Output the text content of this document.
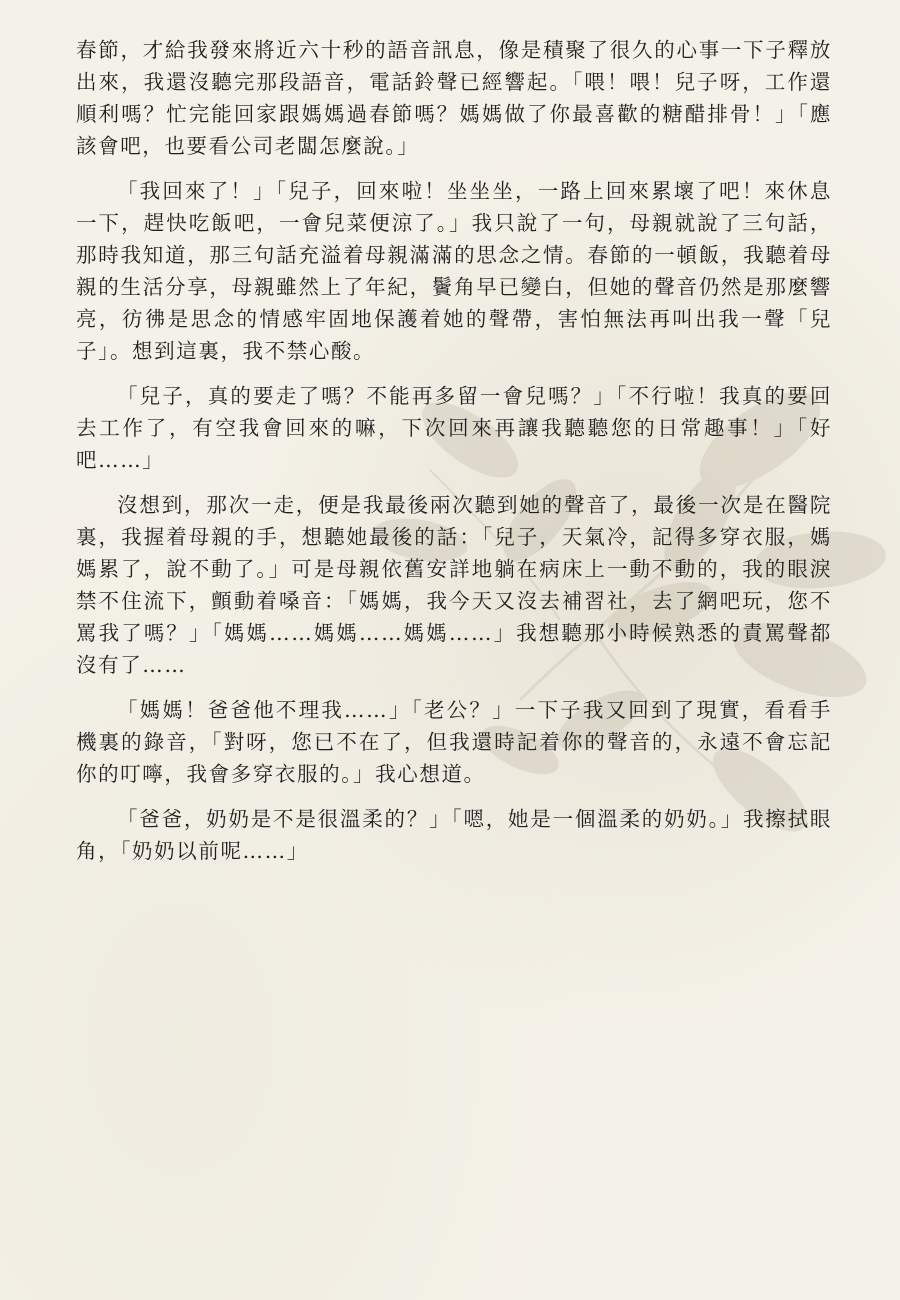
春節，才給我發來將近六十秒的語音訊息，像是積聚了很久的心事一下子釋放出來，我還沒聽完那段語音，電話鈴聲已經響起。「喂！喂！兒子呀，工作還順利嗎？忙完能回家跟媽媽過春節嗎？媽媽做了你最喜歡的糖醋排骨！」「應該會吧，也要看公司老闆怎麼說。」

「我回來了！」「兒子，回來啦！坐坐坐，一路上回來累壞了吧！來休息一下，趕快吃飯吧，一會兒菜便涼了。」我只說了一句，母親就說了三句話，那時我知道，那三句話充溢着母親滿滿的思念之情。春節的一頓飯，我聽着母親的生活分享，母親雖然上了年紀，鬢角早已變白，但她的聲音仍然是那麼響亮，彷彿是思念的情感牢固地保護着她的聲帶，害怕無法再叫出我一聲「兒子」。想到這裏，我不禁心酸。

「兒子，真的要走了嗎？不能再多留一會兒嗎？」「不行啦！我真的要回去工作了，有空我會回來的嘛，下次回來再讓我聽聽您的日常趣事！」「好吧……」

沒想到，那次一走，便是我最後兩次聽到她的聲音了，最後一次是在醫院裏，我握着母親的手，想聽她最後的話：「兒子，天氣冷，記得多穿衣服，媽媽累了，說不動了。」可是母親依舊安詳地躺在病床上一動不動的，我的眼淚禁不住流下，顫動着嗓音：「媽媽，我今天又沒去補習社，去了網吧玩，您不罵我了嗎？」「媽媽……媽媽……媽媽……」我想聽那小時候熟悉的責罵聲都沒有了……

「媽媽！爸爸他不理我……」「老公？」一下子我又回到了現實，看看手機裏的錄音，「對呀，您已不在了，但我還時記着你的聲音的，永遠不會忘記你的叮嚀，我會多穿衣服的。」我心想道。

「爸爸，奶奶是不是很溫柔的？」「嗯，她是一個溫柔的奶奶。」我擦拭眼角，「奶奶以前呢……」
